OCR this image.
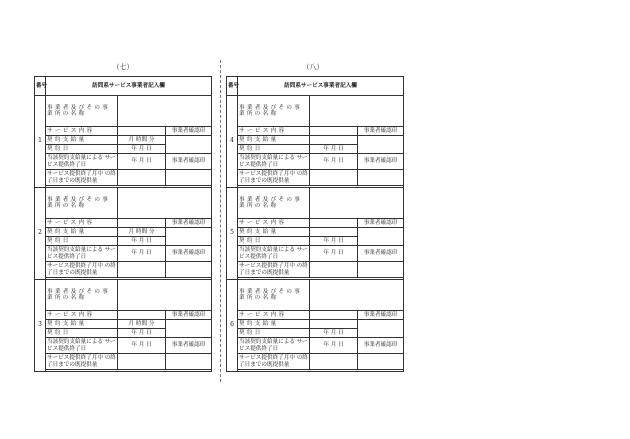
（七）	（八）
番号	訪問系サービス事業者記入欄		
1	事業者及びその事業所の名称		
	サービス内容		事業者確認印
	契約支給量	月 時間 分	
	契約日	年 月 日	
	当該契約支給量による サービス提供終了日	年 月 日	事業者確認印
	サービス提供終了月中 の終了日までの既提供量		

2	事業者及びその事業所の名称		
	サービス内容		事業者確認印
	契約支給量	月 時間 分	
	契約日	年 月 日	
	当該契約支給量による サービス提供終了日	年 月 日	事業者確認印
	サービス提供終了月中 の終了日までの既提供量		

3	事業者及びその事業所の名称		
	サービス内容		事業者確認印
	契約支給量	月 時間 分	
	契約日	年 月 日	
	当該契約支給量による サービス提供終了日	年 月 日	事業者確認印
	サービス提供終了月中 の終了日までの既提供量		

番号	訪問系サービス事業者記入欄		
4	事業者及びその事業所の名称		
	サービス内容		事業者確認印
	契約支給量		
	契約日	年 月 日	
	当該契約支給量による サービス提供終了日	年 月 日	事業者確認印
	サービス提供終了月中 の終了日までの既提供量		

5	事業者及びその事業所の名称		
	サービス内容		事業者確認印
	契約支給量		
	契約日	年 月 日	
	当該契約支給量による サービス提供終了日	年 月 日	事業者確認印
	サービス提供終了月中 の終了日までの既提供量		

6	事業者及びその事業所の名称		
	サービス内容		事業者確認印
	契約支給量		
	契約日	年 月 日	
	当該契約支給量による サービス提供終了日	年 月 日	事業者確認印
	サービス提供終了月中 の終了日までの既提供量		
